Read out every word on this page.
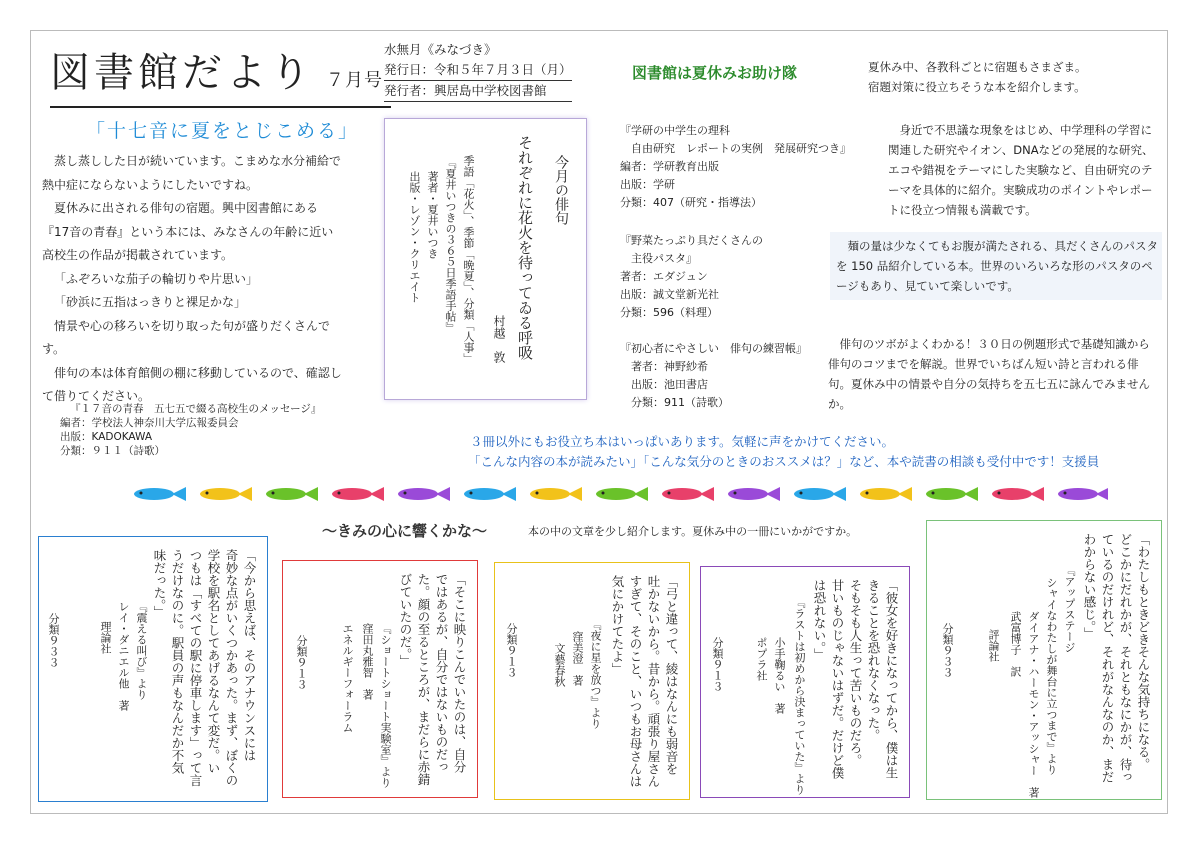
図書館だより ７月号
水無月《みなづき》
発行日：令和５年７月３日（月）
発行者：興居島中学校図書館
図書館は夏休みお助け隊	夏休み中、各教科ごとに宿題もさまざま。
宿題対策に役立ちそうな本を紹介します。
「十七音に夏をとじこめる」

蒸し蒸しした日が続いています。こまめな水分補給で熱中症にならないようにしたいですね。

夏休みに出される俳句の宿題。興中図書館にある『17音の青春』という本には、みなさんの年齢に近い高校生の作品が掲載されています。

「ふぞろいな茄子の輪切りや片思い」

「砂浜に五指はっきりと裸足かな」

情景や心の移ろいを切り取った句が盛りだくさんです。

俳句の本は体育館側の棚に移動しているので、確認して借りてください。

『１７音の青春　五七五で綴る高校生のメッセージ』
編者：学校法人神奈川大学広報委員会
出版：KADOKAWA
分類：９１１（詩歌）
今月の俳句
それぞれに花火を待ってゐる呼吸
村越　敦
季語「花火」、季節「晩夏」、分類「人事」
『夏井いつきの３６５日季語手帖』
著者・夏井いつき
出版・レゾン・クリエイト
『学研の中学生の理科
　自由研究　レポートの実例　発展研究つき』
編者：学研教育出版
出版：学研
分類：407（研究・指導法）
身近で不思議な現象をはじめ、中学理科の学習に関連した研究やイオン、DNAなどの発展的な研究、エコや錯視をテーマにした実験など、自由研究のテーマを具体的に紹介。実験成功のポイントやレポートに役立つ情報も満載です。
『野菜たっぷり具だくさんの
　主役パスタ』
著者：エダジュン
出版：誠文堂新光社
分類：596（料理）
麺の量は少なくてもお腹が満たされる、具だくさんのパスタを 150 品紹介している本。世界のいろいろな形のパスタのページもあり、見ていて楽しいです。
『初心者にやさしい　俳句の練習帳』
　著者：神野紗希
　出版：池田書店
　分類：911（詩歌）
俳句のツボがよくわかる！３０日の例題形式で基礎知識から俳句のコツまでを解説。世界でいちばん短い詩と言われる俳句。夏休み中の情景や自分の気持ちを五七五に詠んでみませんか。
３冊以外にもお役立ち本はいっぱいあります。気軽に声をかけてください。
「こんな内容の本が読みたい」「こんな気分のときのおススメは？」など、本や読書の相談も受付中です！支援員
～きみの心に響くかな～	本の中の文章を少し紹介します。夏休み中の一冊にいかがですか。
「今から思えば、そのアナウンスには
奇妙な点がいくつかあった。まず、ぼくの
学校を駅名としてあげるなんて変だ。い
つもは「すべての駅に停車します」って言
うだけなのに。駅員の声もなんだか不気
味だった。」
『震える叫び』より
レイ・ダニエル他　著
理論社
分類９３３	「そこに映りこんでいたのは、自分
ではあるが、自分ではないものだっ
た。顔の至るところが、まだらに赤錆
びていたのだ。」
『ショートショート実験室』より
窪田丸雅智　著
エネルギーフォーラム
分類９１３	「弓と違って、綾はなんにも弱音を
吐かないから。昔から。頑張り屋さん
すぎて、そのこと、いつもお母さんは
気にかけてたよ」
『夜に星を放つ』より
窪美澄　著
文藝春秋
分類９１３	「彼女を好きになってから、僕は生
きることを恐れなくなった。
そもそも人生って苦いものだろ。
甘いものじゃないはずだ。だけど僕
は恐れない。」
『ラストは初めから決まっていた』より
小手鞠るい　著
ポプラ社
分類９１３	「わたしもときどきそんな気持ちになる。
どこかにだれかが、それともなにかが、待っ
ているのだけれど、それがなんなのか、まだ
わからない感じ。」
『アップステージ
シャイなわたしが舞台に立つまで』より
ダイアナ・ハーモン・アッシャー　著
武富博子　訳
評論社
分類９３３
